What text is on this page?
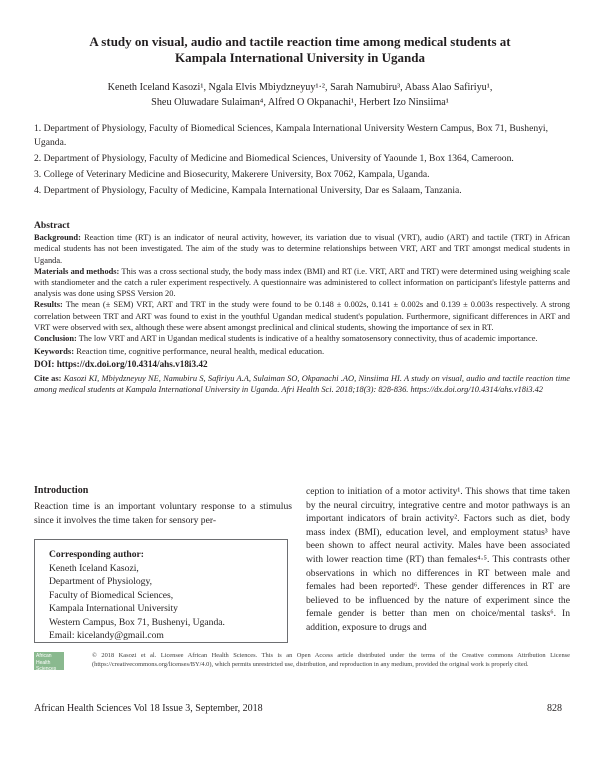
A study on visual, audio and tactile reaction time among medical students at
Kampala International University in Uganda
Keneth Iceland Kasozi¹, Ngala Elvis Mbiydzneyuy¹·², Sarah Namubiru³, Abass Alao Safiriyu¹,
Sheu Oluwadare Sulaiman⁴, Alfred O Okpanachi¹, Herbert Izo Ninsiima¹

1. Department of Physiology, Faculty of Biomedical Sciences, Kampala International University Western Campus, Box 71, Bushenyi, Uganda.

2. Department of Physiology, Faculty of Medicine and Biomedical Sciences, University of Yaounde 1, Box 1364, Cameroon.

3. College of Veterinary Medicine and Biosecurity, Makerere University, Box 7062, Kampala, Uganda.

4. Department of Physiology, Faculty of Medicine, Kampala International University, Dar es Salaam, Tanzania.

Abstract

Background: Reaction time (RT) is an indicator of neural activity, however, its variation due to visual (VRT), audio (ART) and tactile (TRT) in African medical students has not been investigated. The aim of the study was to determine relationships between VRT, ART and TRT amongst medical students in Uganda.

Materials and methods: This was a cross sectional study, the body mass index (BMI) and RT (i.e. VRT, ART and TRT) were determined using weighing scale with standiometer and the catch a ruler experiment respectively. A questionnaire was administered to collect information on participant's lifestyle patterns and analysis was done using SPSS Version 20.

Results: The mean (± SEM) VRT, ART and TRT in the study were found to be 0.148 ± 0.002s, 0.141 ± 0.002s and 0.139 ± 0.003s respectively. A strong correlation between TRT and ART was found to exist in the youthful Ugandan medical student's population. Furthermore, significant differences in ART and VRT were observed with sex, although these were absent amongst preclinical and clinical students, showing the importance of sex in RT.

Conclusion: The low VRT and ART in Ugandan medical students is indicative of a healthy somatosensory connectivity, thus of academic importance.

Keywords: Reaction time, cognitive performance, neural health, medical education.

DOI: https://dx.doi.org/10.4314/ahs.v18i3.42

Cite as: Kasozi KI, Mbiydzneyuy NE, Namubiru S, Safiriyu A.A, Sulaiman SO, Okpanachi .AO, Ninsiima HI. A study on visual, audio and tactile reaction time among medical students at Kampala International University in Uganda. Afri Health Sci. 2018;18(3): 828-836. https://dx.doi.org/10.4314/ahs.v18i3.42

Introduction
Reaction time is an important voluntary response to a stimulus since it involves the time taken for sensory per-
Corresponding author:
Keneth Iceland Kasozi,
Department of Physiology,
Faculty of Biomedical Sciences,
Kampala International University
Western Campus, Box 71, Bushenyi, Uganda.
Email: kicelandy@gmail.com
ception to initiation of a motor activity¹. This shows that time taken by the neural circuitry, integrative centre and motor pathways is an important indicators of brain activity². Factors such as diet, body mass index (BMI), education level, and employment status³ have been shown to affect neural activity. Males have been associated with lower reaction time (RT) than females⁴·⁵. This contrasts other observations in which no differences in RT between male and females had been reported⁶. These gender differences in RT are believed to be influenced by the nature of experiment since the female gender is better than men on choice/mental tasks⁶. In addition, exposure to drugs and
African Health Sciences
© 2018 Kasozi et al. Licensee African Health Sciences. This is an Open Access article distributed under the terms of the Creative commons Attribution License (https://creativecommons.org/licenses/BY/4.0), which permits unrestricted use, distribution, and reproduction in any medium, provided the original work is properly cited.
African Health Sciences Vol 18 Issue 3, September, 2018	828
